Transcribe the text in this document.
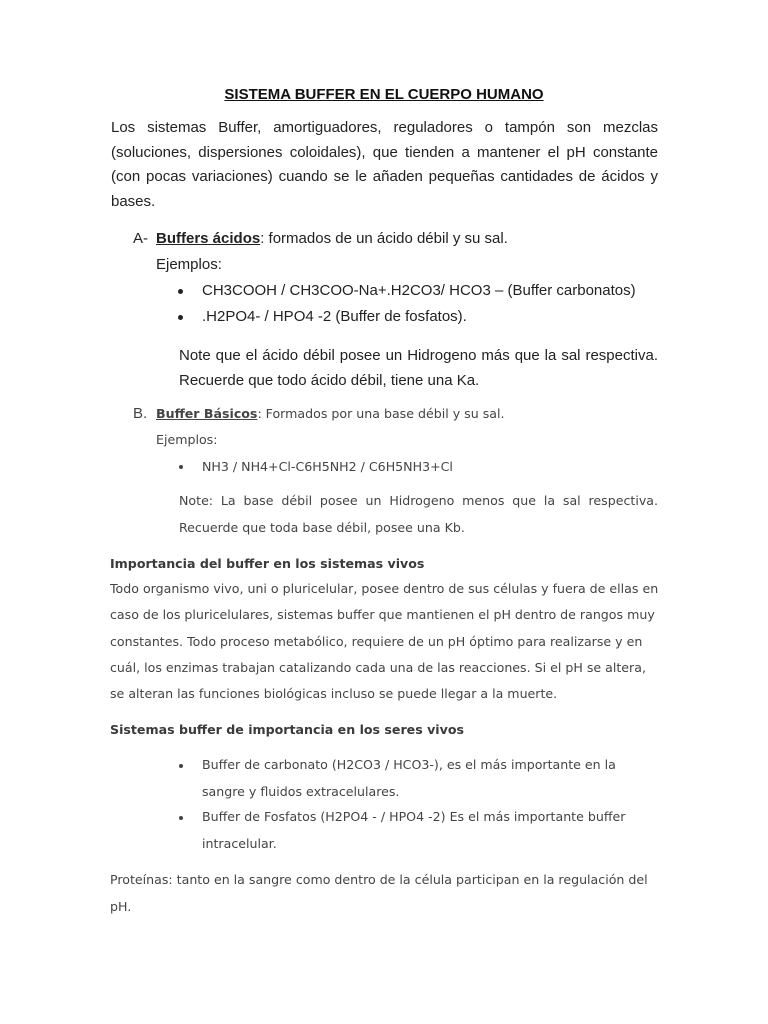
SISTEMA BUFFER EN EL CUERPO HUMANO

Los sistemas Buffer, amortiguadores, reguladores o tampón son mezclas (soluciones, dispersiones coloidales), que tienden a mantener el pH constante (con pocas variaciones) cuando se le añaden pequeñas cantidades de ácidos y bases.

A- Buffers ácidos: formados de un ácido débil y su sal.
Ejemplos:
CH3COOH / CH3COO-Na+.H2CO3/ HCO3 – (Buffer carbonatos)
.H2PO4- / HPO4 -2 (Buffer de fosfatos).

Note que el ácido débil posee un Hidrogeno más que la sal respectiva. Recuerde que todo ácido débil, tiene una Ka.

B. Buffer Básicos: Formados por una base débil y su sal.
Ejemplos:
NH3 / NH4+Cl-C6H5NH2 / C6H5NH3+Cl

Note: La base débil posee un Hidrogeno menos que la sal respectiva. Recuerde que toda base débil, posee una Kb.

Importancia del buffer en los sistemas vivos

Todo organismo vivo, uni o pluricelular, posee dentro de sus células y fuera de ellas en caso de los pluricelulares, sistemas buffer que mantienen el pH dentro de rangos muy constantes. Todo proceso metabólico, requiere de un pH óptimo para realizarse y en cuál, los enzimas trabajan catalizando cada una de las reacciones. Si el pH se altera, se alteran las funciones biológicas incluso se puede llegar a la muerte.

Sistemas buffer de importancia en los seres vivos

Buffer de carbonato (H2CO3 / HCO3-), es el más importante en la sangre y fluidos extracelulares.

Buffer de Fosfatos (H2PO4 - / HPO4 -2) Es el más importante buffer intracelular.

Proteínas: tanto en la sangre como dentro de la célula participan en la regulación del pH.
